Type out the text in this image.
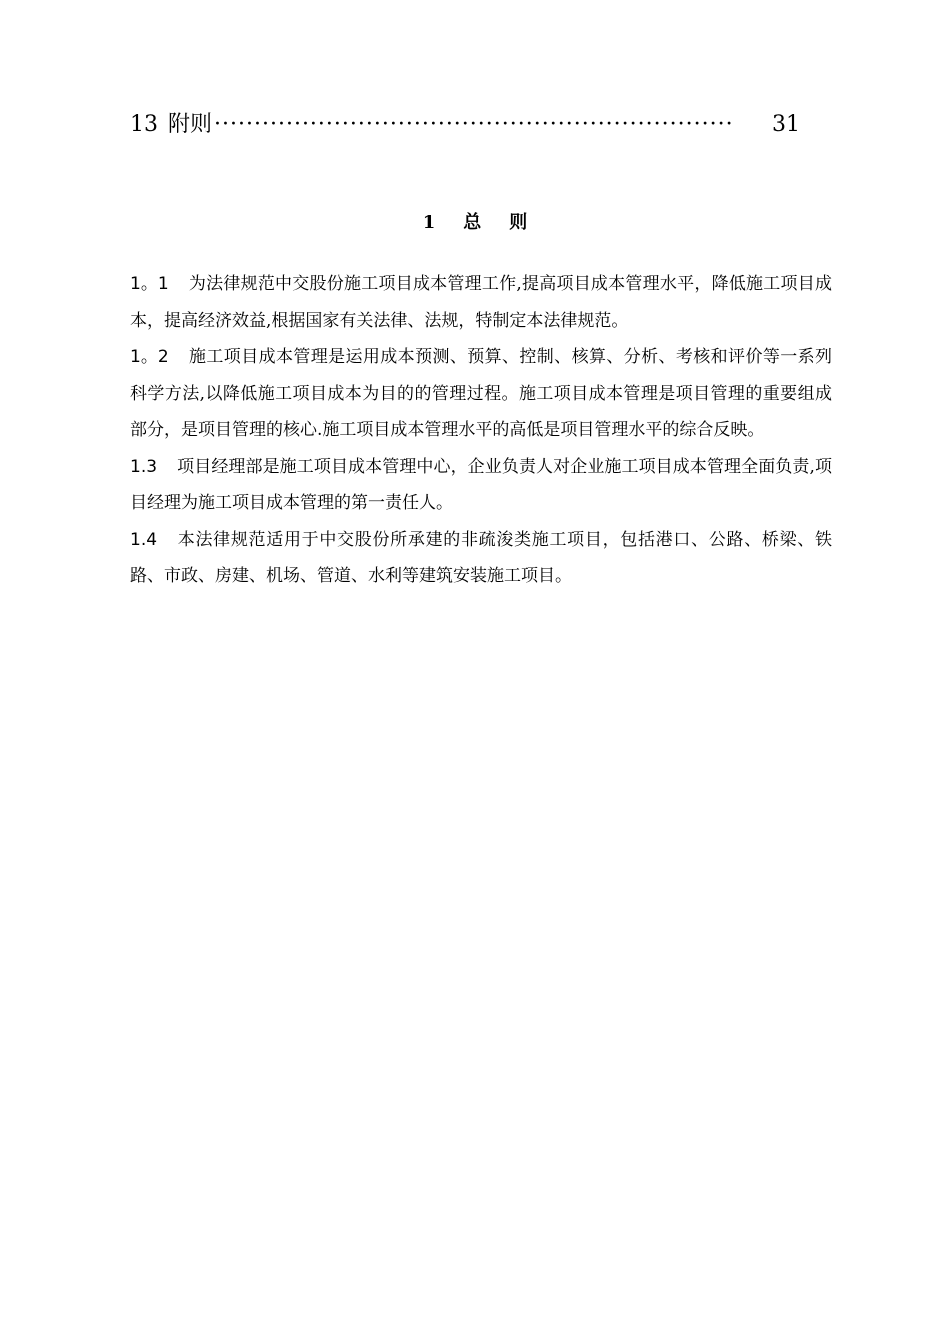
13 附则 ·································································	31
1 总 则

1。1 为法律规范中交股份施工项目成本管理工作,提高项目成本管理水平，降低施工项目成本，提高经济效益,根据国家有关法律、法规，特制定本法律规范。

1。2 施工项目成本管理是运用成本预测、预算、控制、核算、分析、考核和评价等一系列科学方法,以降低施工项目成本为目的的管理过程。施工项目成本管理是项目管理的重要组成部分，是项目管理的核心.施工项目成本管理水平的高低是项目管理水平的综合反映。

1.3 项目经理部是施工项目成本管理中心，企业负责人对企业施工项目成本管理全面负责,项目经理为施工项目成本管理的第一责任人。

1.4 本法律规范适用于中交股份所承建的非疏浚类施工项目，包括港口、公路、桥梁、铁路、市政、房建、机场、管道、水利等建筑安装施工项目。
